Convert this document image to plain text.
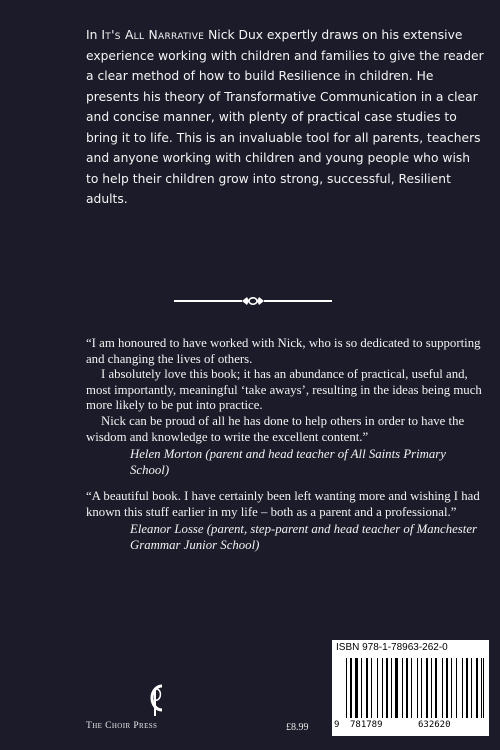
In It's All Narrative Nick Dux expertly draws on his extensive experience working with children and families to give the reader a clear method of how to build Resilience in children. He presents his theory of Transformative Communication in a clear and concise manner, with plenty of practical case studies to bring it to life. This is an invaluable tool for all parents, teachers and anyone working with children and young people who wish to help their children grow into strong, successful, Resilient adults.

“I am honoured to have worked with Nick, who is so dedicated to supporting and changing the lives of others.

I absolutely love this book; it has an abundance of practical, useful and, most importantly, meaningful ‘take aways’, resulting in the ideas being much more likely to be put into practice.

Nick can be proud of all he has done to help others in order to have the wisdom and knowledge to write the excellent content.”

Helen Morton (parent and head teacher of All Saints Primary School)

“A beautiful book. I have certainly been left wanting more and wishing I had known this stuff earlier in my life – both as a parent and a professional.”

Eleanor Losse (parent, step-parent and head teacher of Manchester Grammar Junior School)

ISBN 978-1-78963-262-0
9 781789	632620
The Choir Press	£8.99
